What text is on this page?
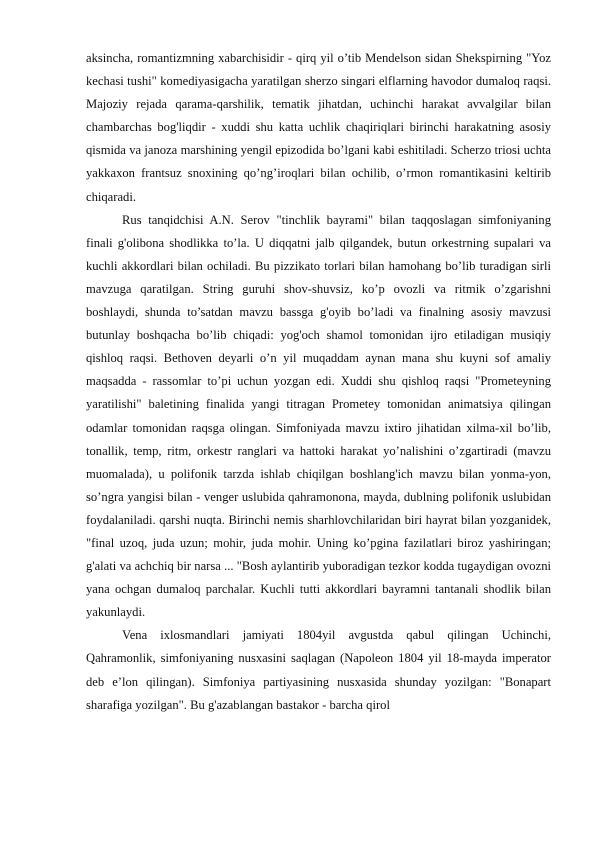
aksincha, romantizmning xabarchisidir - qirq yil o’tib Mendelson sidan Shekspirning "Yoz kechasi tushi" komediyasigacha yaratilgan sherzo singari elflarning havodor dumaloq raqsi. Majoziy rejada qarama-qarshilik, tematik jihatdan, uchinchi harakat avvalgilar bilan chambarchas bog'liqdir - xuddi shu katta uchlik chaqiriqlari birinchi harakatning asosiy qismida va janoza marshining yengil epizodida bo’lgani kabi eshitiladi. Scherzo triosi uchta yakkaxon frantsuz snoxining qo’ng’iroqlari bilan ochilib, o’rmon romantikasini keltirib chiqaradi.

Rus tanqidchisi A.N. Serov "tinchlik bayrami" bilan taqqoslagan simfoniyaning finali g'olibona shodlikka to’la. U diqqatni jalb qilgandek, butun orkestrning supalari va kuchli akkordlari bilan ochiladi. Bu pizzikato torlari bilan hamohang bo’lib turadigan sirli mavzuga qaratilgan. String guruhi shov-shuvsiz, ko’p ovozli va ritmik o’zgarishni boshlaydi, shunda to’satdan mavzu bassga g'oyib bo’ladi va finalning asosiy mavzusi butunlay boshqacha bo’lib chiqadi: yog'och shamol tomonidan ijro etiladigan musiqiy qishloq raqsi. Bethoven deyarli o’n yil muqaddam aynan mana shu kuyni sof amaliy maqsadda - rassomlar to’pi uchun yozgan edi. Xuddi shu qishloq raqsi "Prometeyning yaratilishi" baletining finalida yangi titragan Prometey tomonidan animatsiya qilingan odamlar tomonidan raqsga olingan. Simfoniyada mavzu ixtiro jihatidan xilma-xil bo’lib, tonallik, temp, ritm, orkestr ranglari va hattoki harakat yo’nalishini o’zgartiradi (mavzu muomalada), u polifonik tarzda ishlab chiqilgan boshlang'ich mavzu bilan yonma-yon, so’ngra yangisi bilan - venger uslubida qahramonona, mayda, dublning polifonik uslubidan foydalaniladi. qarshi nuqta. Birinchi nemis sharhlovchilaridan biri hayrat bilan yozganidek, "final uzoq, juda uzun; mohir, juda mohir. Uning ko’pgina fazilatlari biroz yashiringan; g'alati va achchiq bir narsa ... "Bosh aylantirib yuboradigan tezkor kodda tugaydigan ovozni yana ochgan dumaloq parchalar. Kuchli tutti akkordlari bayramni tantanali shodlik bilan yakunlaydi.

Vena ixlosmandlari jamiyati 1804yil avgustda qabul qilingan Uchinchi, Qahramonlik, simfoniyaning nusxasini saqlagan (Napoleon 1804 yil 18-mayda imperator deb e’lon qilingan). Simfoniya partiyasining nusxasida shunday yozilgan: "Bonapart sharafiga yozilgan". Bu g'azablangan bastakor - barcha qirol
